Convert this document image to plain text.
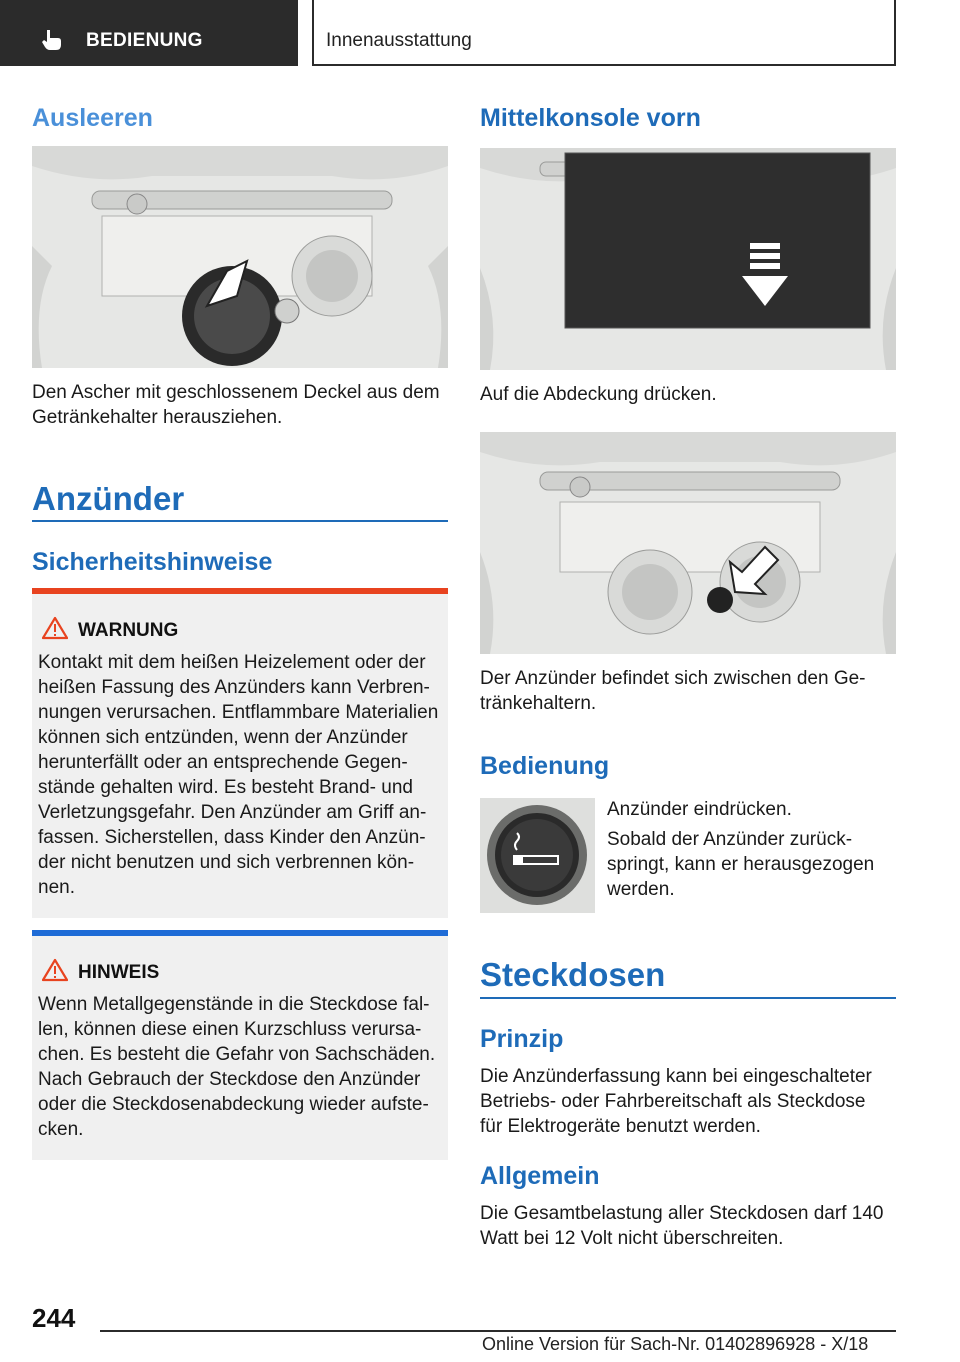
BEDIENUNG	Innenausstattung
Ausleeren
Den Ascher mit geschlossenem Deckel aus dem
Getränkehalter herausziehen.
Anzünder
Sicherheitshinweise
WARNUNG
Kontakt mit dem heißen Heizelement oder der
heißen Fassung des Anzünders kann Verbren-
nungen verursachen. Entflammbare Materialien
können sich entzünden, wenn der Anzünder
herunterfällt oder an entsprechende Gegen-
stände gehalten wird. Es besteht Brand- und
Verletzungsgefahr. Den Anzünder am Griff an-
fassen. Sicherstellen, dass Kinder den Anzün-
der nicht benutzen und sich verbrennen kön-
nen.
HINWEIS
Wenn Metallgegenstände in die Steckdose fal-
len, können diese einen Kurzschluss verursa-
chen. Es besteht die Gefahr von Sachschäden.
Nach Gebrauch der Steckdose den Anzünder
oder die Steckdosenabdeckung wieder aufste-
cken.
Mittelkonsole vorn
Auf die Abdeckung drücken.
Der Anzünder befindet sich zwischen den Ge-
tränkehaltern.
Bedienung
Anzünder eindrücken.
Sobald der Anzünder zurück-
springt, kann er herausgezogen
werden.
Steckdosen
Prinzip
Die Anzünderfassung kann bei eingeschalteter
Betriebs- oder Fahrbereitschaft als Steckdose
für Elektrogeräte benutzt werden.
Allgemein
Die Gesamtbelastung aller Steckdosen darf 140
Watt bei 12 Volt nicht überschreiten.
244
Online Version für Sach-Nr. 01402896928 - X/18
